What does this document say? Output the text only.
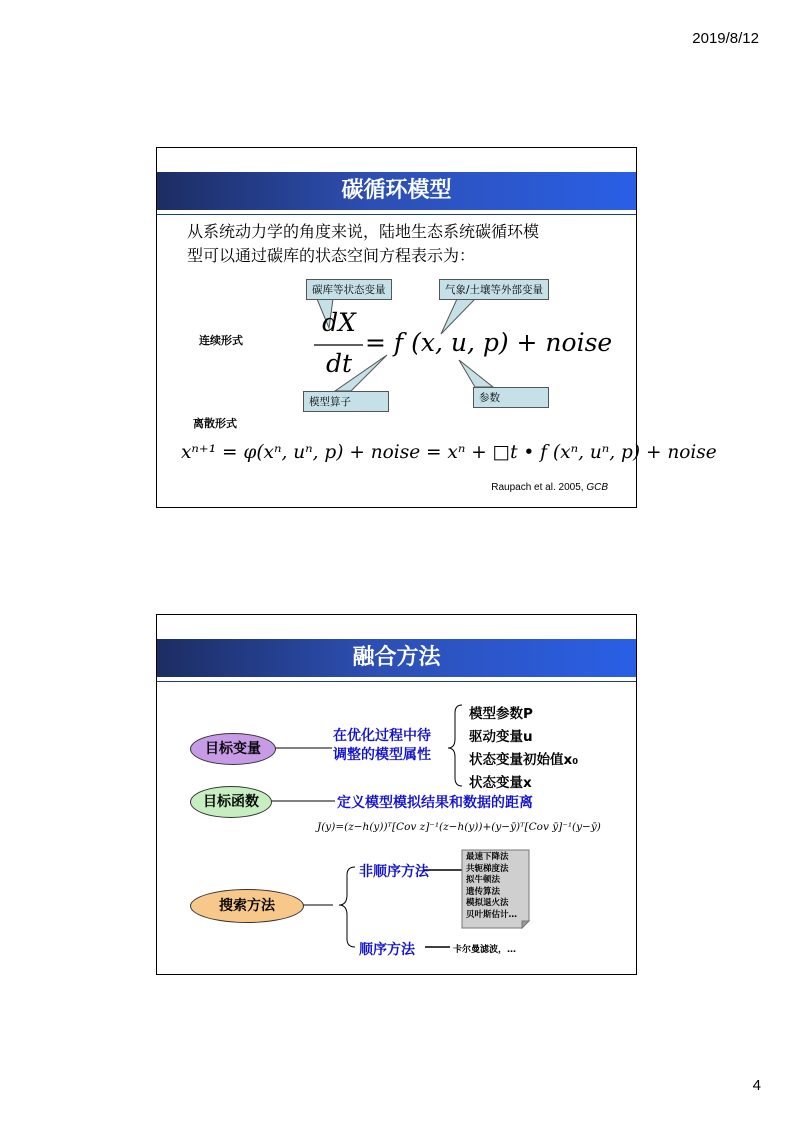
2019/8/12
碳循环模型
从系统动力学的角度来说，陆地生态系统碳循环模
型可以通过碳库的状态空间方程表示为：
碳库等状态变量	气象/土壤等外部变量
模型算子	参数
连续形式
离散形式
dX
dt
= f (x, u, p) + noise
xⁿ⁺¹ = φ(xⁿ, uⁿ, p) + noise = xⁿ + □t • f (xⁿ, uⁿ, p) + noise
Raupach et al. 2005, GCB
融合方法
目标变量
目标函数
搜索方法
在优化过程中待
调整的模型属性
模型参数P
驱动变量u
状态变量初始值x₀
状态变量x
定义模型模拟结果和数据的距离
J(y)=(z−h(y))ᵀ[Cov z]⁻¹(z−h(y))+(y−ȳ)ᵀ[Cov ȳ]⁻¹(y−ȳ)
非顺序方法
顺序方法
最速下降法
共轭梯度法
拟牛顿法
遗传算法
模拟退火法
贝叶斯估计…
卡尔曼滤波，…
4
